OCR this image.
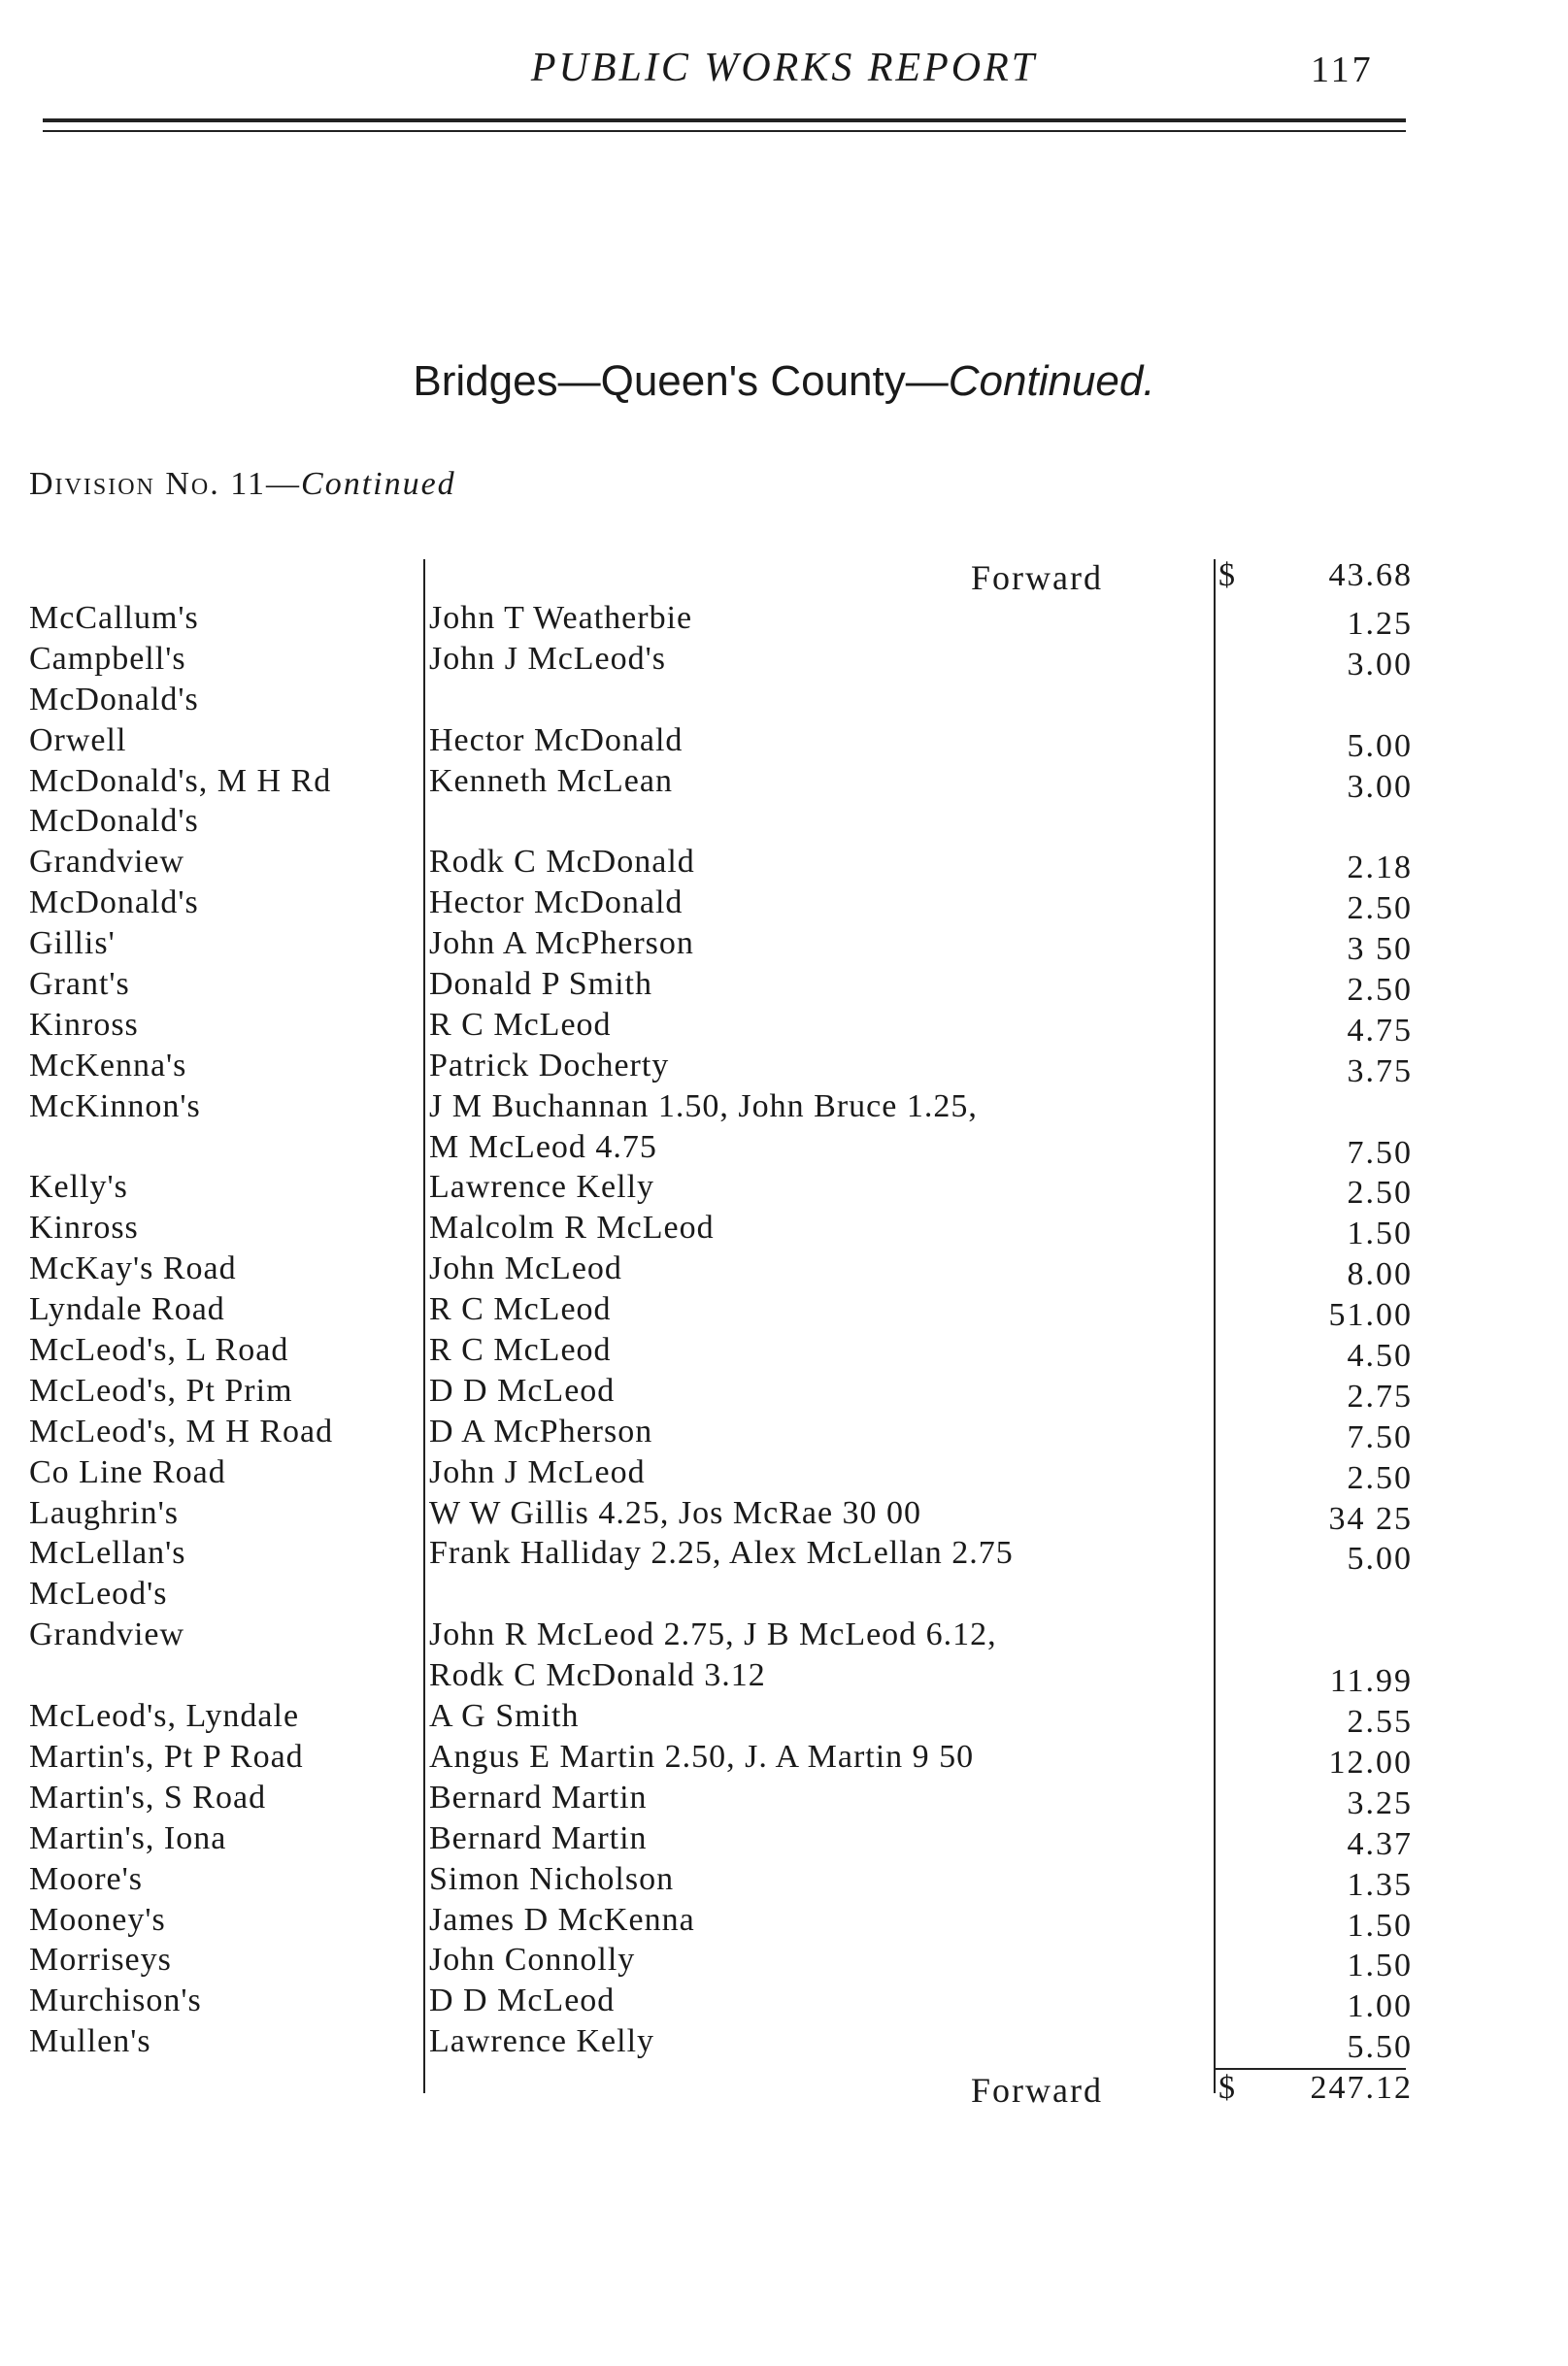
PUBLIC WORKS REPORT	117
Bridges—Queen's County—Continued.
Division No. 11—Continued
Forward	$	43.68
McCallum's	John T Weatherbie	1.25
Campbell's	John J McLeod's	3.00
McDonald's
Orwell	Hector McDonald	5.00
McDonald's, M H Rd	Kenneth McLean	3.00
McDonald's
Grandview	Rodk C McDonald	2.18
McDonald's	Hector McDonald	2.50
Gillis'	John A McPherson	3 50
Grant's	Donald P Smith	2.50
Kinross	R C McLeod	4.75
McKenna's	Patrick Docherty	3.75
McKinnon's	J M Buchannan 1.50, John Bruce 1.25,
M McLeod 4.75	7.50
Kelly's	Lawrence Kelly	2.50
Kinross	Malcolm R McLeod	1.50
McKay's Road	John McLeod	8.00
Lyndale Road	R C McLeod	51.00
McLeod's, L Road	R C McLeod	4.50
McLeod's, Pt Prim	D D McLeod	2.75
McLeod's, M H Road	D A McPherson	7.50
Co Line Road	John J McLeod	2.50
Laughrin's	W W Gillis 4.25, Jos McRae 30 00	34 25
McLellan's	Frank Halliday 2.25, Alex McLellan 2.75	5.00
McLeod's
Grandview	John R McLeod 2.75, J B McLeod 6.12,
Rodk C McDonald 3.12	11.99
McLeod's, Lyndale	A G Smith	2.55
Martin's, Pt P Road	Angus E Martin 2.50, J. A Martin 9 50	12.00
Martin's, S Road	Bernard Martin	3.25
Martin's, Iona	Bernard Martin	4.37
Moore's	Simon Nicholson	1.35
Mooney's	James D McKenna	1.50
Morriseys	John Connolly	1.50
Murchison's	D D McLeod	1.00
Mullen's	Lawrence Kelly	5.50
Forward	$ 247.12
